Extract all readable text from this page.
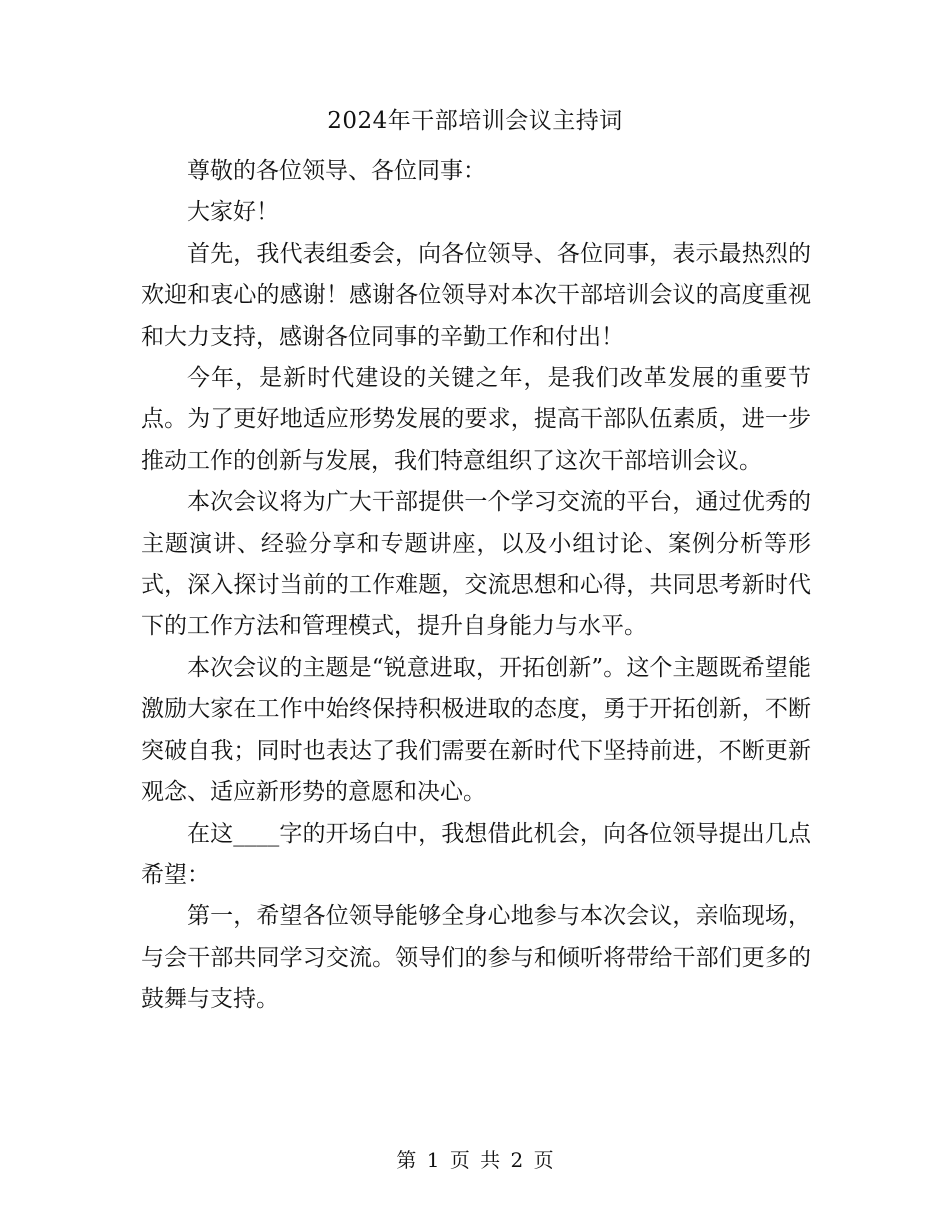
2024年干部培训会议主持词

尊敬的各位领导、各位同事：

大家好！

首先，我代表组委会，向各位领导、各位同事，表示最热烈的欢迎和衷心的感谢！感谢各位领导对本次干部培训会议的高度重视和大力支持，感谢各位同事的辛勤工作和付出！

今年，是新时代建设的关键之年，是我们改革发展的重要节点。为了更好地适应形势发展的要求，提高干部队伍素质，进一步推动工作的创新与发展，我们特意组织了这次干部培训会议。

本次会议将为广大干部提供一个学习交流的平台，通过优秀的主题演讲、经验分享和专题讲座，以及小组讨论、案例分析等形式，深入探讨当前的工作难题，交流思想和心得，共同思考新时代下的工作方法和管理模式，提升自身能力与水平。

本次会议的主题是“锐意进取，开拓创新”。这个主题既希望能激励大家在工作中始终保持积极进取的态度，勇于开拓创新，不断突破自我；同时也表达了我们需要在新时代下坚持前进，不断更新观念、适应新形势的意愿和决心。

在这____字的开场白中，我想借此机会，向各位领导提出几点希望：

第一，希望各位领导能够全身心地参与本次会议，亲临现场，与会干部共同学习交流。领导们的参与和倾听将带给干部们更多的鼓舞与支持。

第 1 页 共 2 页
